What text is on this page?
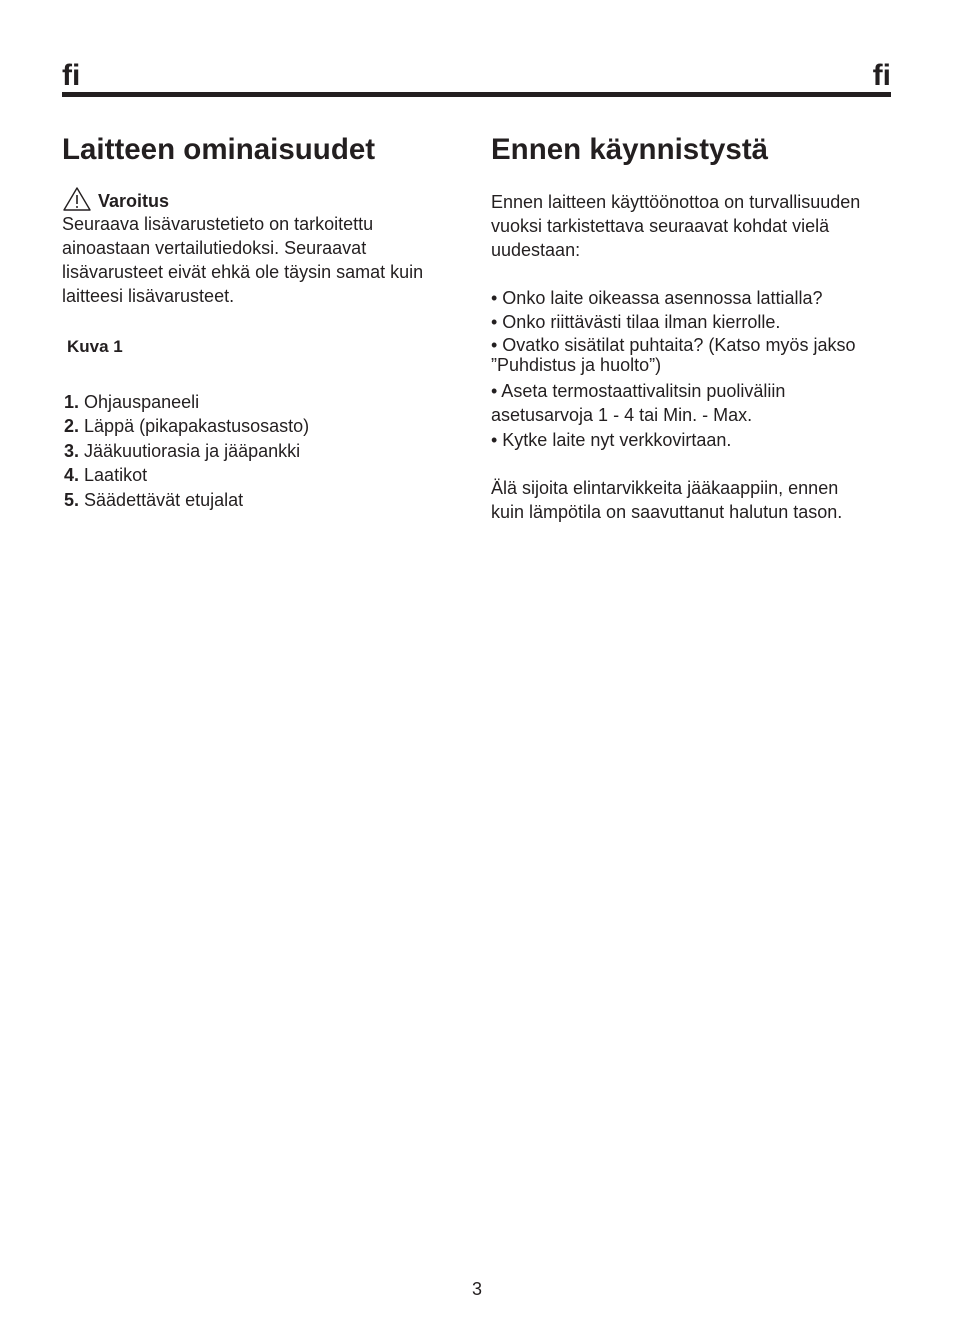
fi	fi
Laitteen ominaisuudet
Varoitus

Seuraava lisävarustetieto on tarkoitettu

ainoastaan vertailutiedoksi. Seuraavat

lisävarusteet eivät ehkä ole täysin samat kuin

laitteesi lisävarusteet.

Kuva 1
1. Ohjauspaneeli
2. Läppä (pikapakastusosasto)
3. Jääkuutiorasia ja jääpankki
4. Laatikot
5. Säädettävät etujalat
Ennen käynnistystä

Ennen laitteen käyttöönottoa on turvallisuuden

vuoksi tarkistettava seuraavat kohdat vielä

uudestaan:

• Onko laite oikeassa asennossa lattialla?
• Onko riittävästi tilaa ilman kierrolle.
• Ovatko sisätilat puhtaita? (Katso myös jakso
”Puhdistus ja huolto”)
• Aseta termostaattivalitsin puoliväliin
asetusarvoja 1 - 4 tai Min. - Max.
• Kytke laite nyt verkkovirtaan.

Älä sijoita elintarvikkeita jääkaappiin, ennen

kuin lämpötila on saavuttanut halutun tason.

3
